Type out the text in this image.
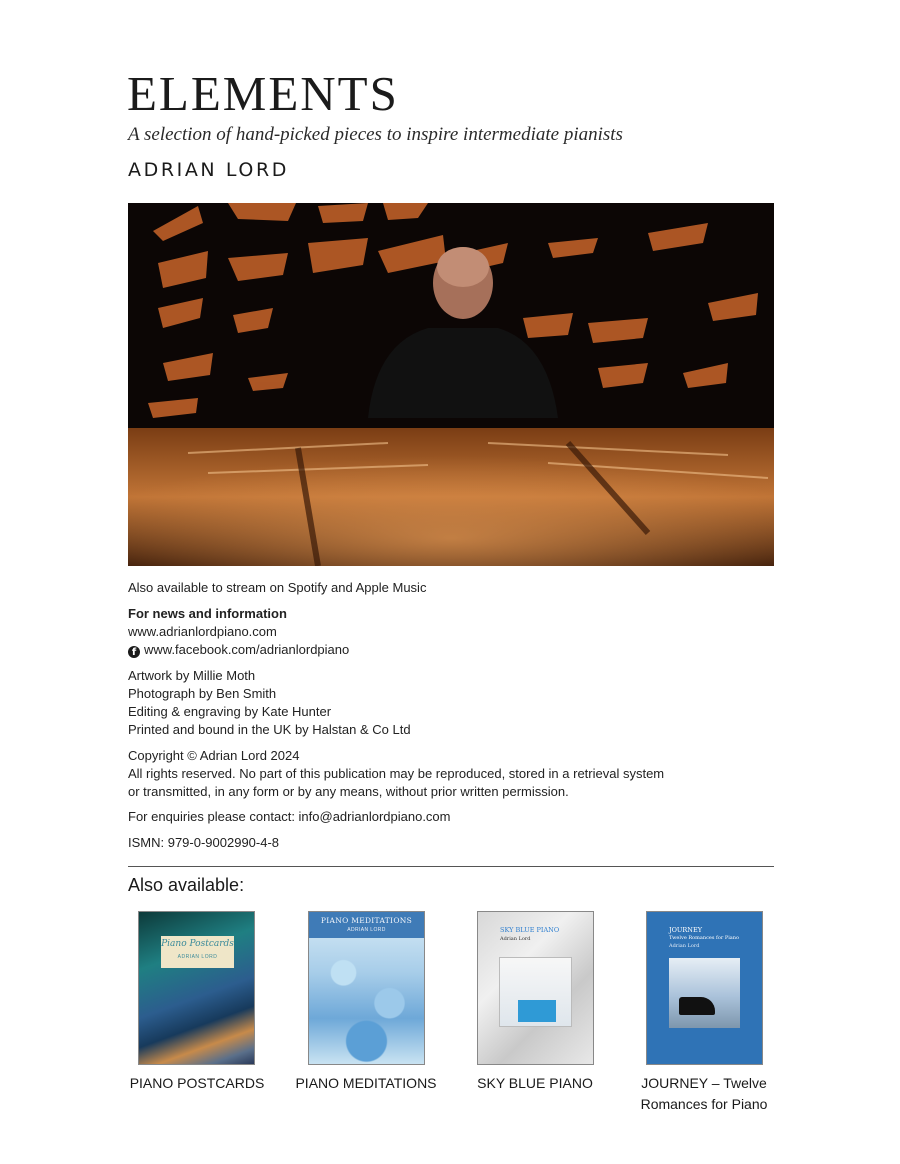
ELEMENTS
A selection of hand-picked pieces to inspire intermediate pianists
ADRIAN LORD
Also available to stream on Spotify and Apple Music
For news and information
www.adrianlordpiano.com
f www.facebook.com/adrianlordpiano
Artwork by Millie Moth
Photograph by Ben Smith
Editing & engraving by Kate Hunter
Printed and bound in the UK by Halstan & Co Ltd
Copyright © Adrian Lord 2024
All rights reserved. No part of this publication may be reproduced, stored in a retrieval system
or transmitted, in any form or by any means, without prior written permission.
For enquiries please contact: info@adrianlordpiano.com
ISMN: 979-0-9002990-4-8
Also available:
Piano Postcards
ADRIAN LORD
PIANO POSTCARDS
PIANO MEDITATIONS
ADRIAN LORD
PIANO MEDITATIONS
SKY BLUE PIANO
Adrian Lord
SKY BLUE PIANO
JOURNEY
Twelve Romances for Piano
Adrian Lord
JOURNEY – Twelve
Romances for Piano
